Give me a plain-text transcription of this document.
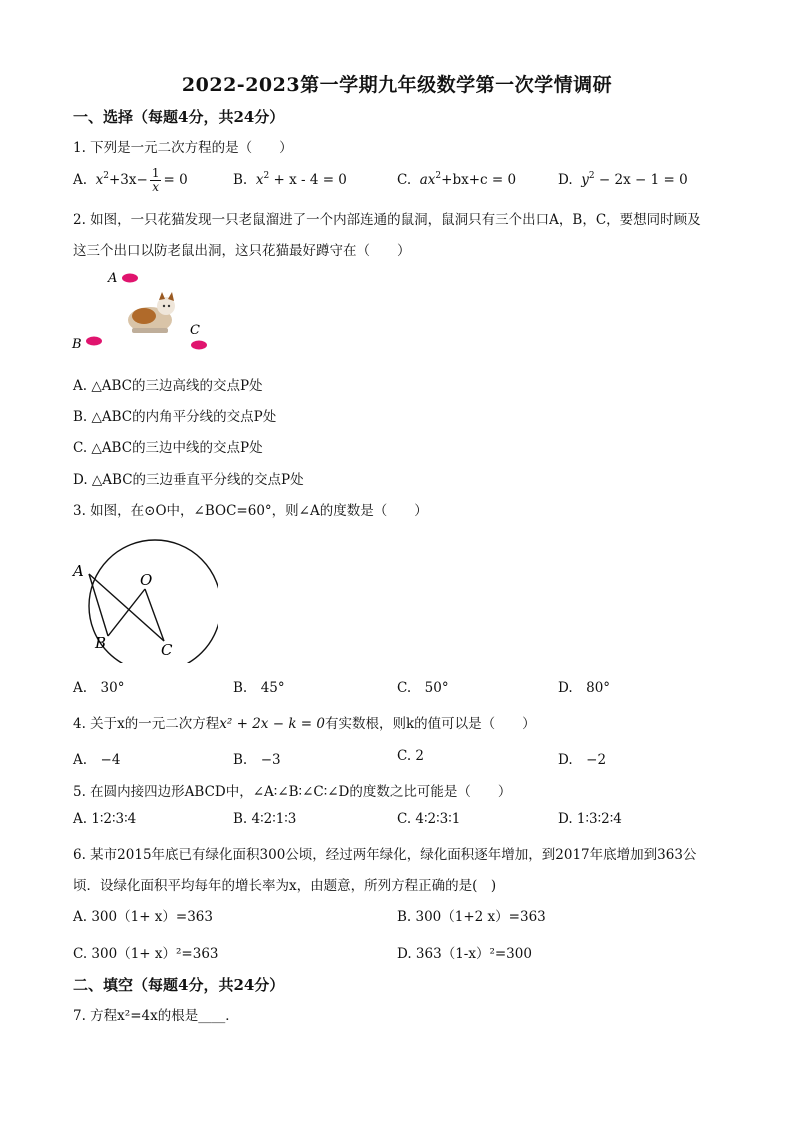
2022-2023第一学期九年级数学第一次学情调研
一、选择（每题4分，共24分）
1. 下列是一元二次方程的是（　　）
A. $x^2+3x- \frac{1}{x} = 0$	B. $x^2 + x - 4 = 0$	C. $ax^2+bx+c = 0$	D. $y^2 - 2x - 1 = 0$
2. 如图，一只花猫发现一只老鼠溜进了一个内部连通的鼠洞，鼠洞只有三个出口A，B，C，要想同时顾及
这三个出口以防老鼠出洞，这只花猫最好蹲守在（　　）
A
C
B
A. △ABC的三边高线的交点P处
B. △ABC的内角平分线的交点P处
C. △ABC的三边中线的交点P处
D. △ABC的三边垂直平分线的交点P处
3. 如图，在⊙O中，∠BOC=60°，则∠A的度数是（　　）
A	O
B	C
A.　30°	B.　45°	C.　50°	D.　80°
4. 关于x的一元二次方程x² + 2x − k = 0有实数根，则k的值可以是（　　）
A.　−4	B.　−3	C. 2	D.　−2
5. 在圆内接四边形ABCD中，∠A∶∠B∶∠C∶∠D的度数之比可能是（　　）
A. 1∶2∶3∶4	B. 4∶2∶1∶3	C. 4∶2∶3∶1	D. 1∶3∶2∶4
6. 某市2015年底已有绿化面积300公顷，经过两年绿化，绿化面积逐年增加，到2017年底增加到363公
顷．设绿化面积平均每年的增长率为x，由题意，所列方程正确的是(　)
A. 300（1+ x）=363	B. 300（1+2 x）=363
C. 300（1+ x）²=363	D. 363（1-x）²=300
二、填空（每题4分，共24分）
7. 方程x²=4x的根是____．
